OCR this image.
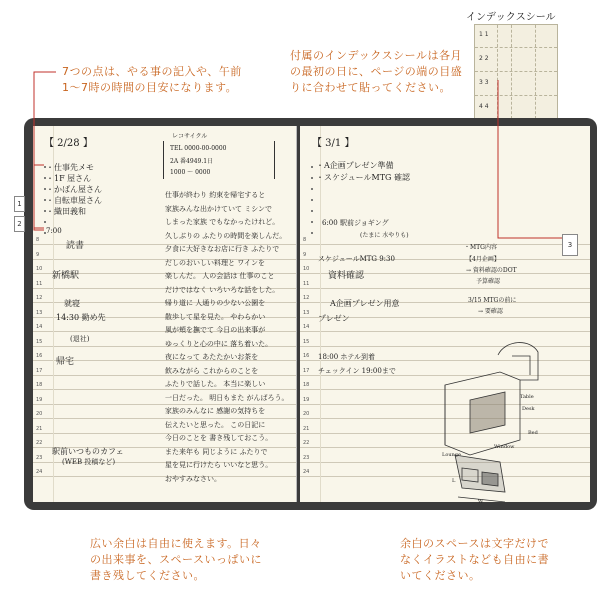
7つの点は、やる事の記入や、午前
1～7時の時間の目安になります。
付属のインデックスシールは各月
の最初の日に、ページの端の目盛
りに合わせて貼ってください。
インデックスシール
1 1
2 2
3 3
4 4
8
9
10
11
12
13
14
15
16
17
18
19
20
21
22
23
24
8
9
10
11
12
13
14
15
16
17
18
19
20
21
22
23
24
【 2/28 】
・仕事先メモ
・1F 屋さん
・かばん屋さん
・自転車屋さん
・織田義和
7:00
読書
新橋駅
就寝
14:30 勤め先
(退社)
帰宅
駅前いつものカフェ
(WEB 投稿など)
レコサイクル
TEL 0000-00-0000
2A 番4949.1日
1000 〜 0000
仕事が終わり 約束を帰宅すると
家族みんな出かけていて ミシンで
しまった家族 でもなかったけれど。
久しぶりの ふたりの時間を楽しんだ。
夕食に大好きなお店に行き ふたりで
だしのおいしい料理と ワインを
楽しんだ。 人の会話は 仕事のこと
だけではなく いろいろな話をした。
帰り道に 人通りの少ない公園を
散歩して星を見た。 やわらかい
風が頬を撫でて 今日の出来事が
ゆっくりと心の中に 落ち着いた。
夜になって あたたかいお茶を
飲みながら これからのことを
ふたりで話した。 本当に楽しい
一日だった。 明日もまた がんばろう。
家族のみんなに 感謝の気持ちを
伝えたいと思った。 この日記に
今日のことを 書き残しておこう。
また来年も 同じように ふたりで
星を見に行けたら いいなと思う。
おやすみなさい。
【 3/1 】
・A企画プレゼン準備
・スケジュールMTG 確認
6:00 駅前ジョギング
(たまに 水やりも)
スケジュールMTG 9:30
資料確認
A企画プレゼン用意
プレゼン
18:00 ホテル到着
チェックイン 19:00まで
・MTG内容
【4月企画】
→ 資料確認のDOT
予算確認
3/15 MTGの前に
→ 要確認
Lounge
Table
Desk
Bed
Window
W
L
1
2
3
広い余白は自由に使えます。日々
の出来事を、スペースいっぱいに
書き残してください。
余白のスペースは文字だけで
なくイラストなども自由に書
いてください。
